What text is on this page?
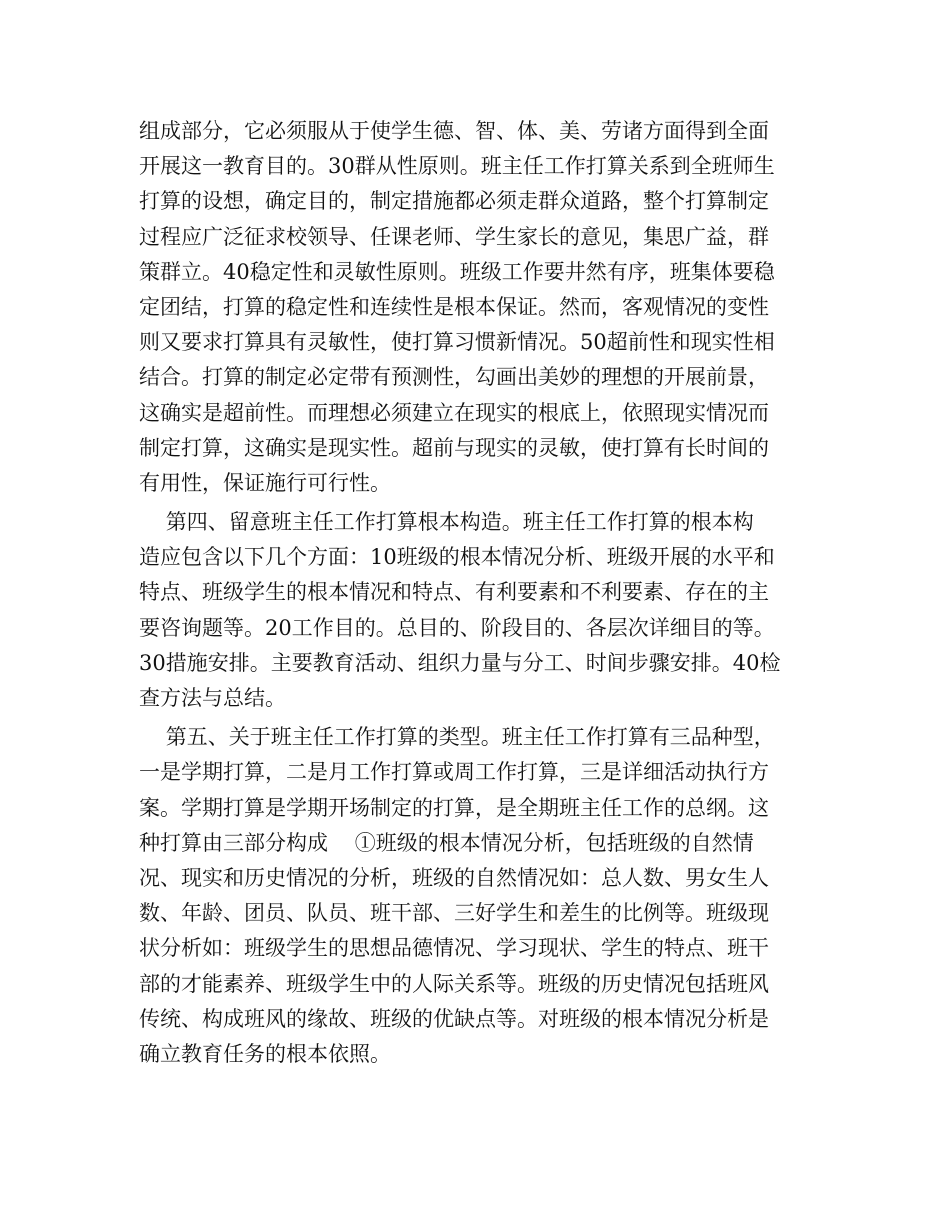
组成部分，它必须服从于使学生德、智、体、美、劳诸方面得到全面
开展这一教育目的。30群从性原则。班主任工作打算关系到全班师生
打算的设想，确定目的，制定措施都必须走群众道路，整个打算制定
过程应广泛征求校领导、任课老师、学生家长的意见，集思广益，群
策群立。40稳定性和灵敏性原则。班级工作要井然有序，班集体要稳
定团结，打算的稳定性和连续性是根本保证。然而，客观情况的变性
则又要求打算具有灵敏性，使打算习惯新情况。50超前性和现实性相
结合。打算的制定必定带有预测性，勾画出美妙的理想的开展前景，
这确实是超前性。而理想必须建立在现实的根底上，依照现实情况而
制定打算，这确实是现实性。超前与现实的灵敏，使打算有长时间的
有用性，保证施行可行性。
第四、留意班主任工作打算根本构造。班主任工作打算的根本构
造应包含以下几个方面：10班级的根本情况分析、班级开展的水平和
特点、班级学生的根本情况和特点、有利要素和不利要素、存在的主
要咨询题等。20工作目的。总目的、阶段目的、各层次详细目的等。
30措施安排。主要教育活动、组织力量与分工、时间步骤安排。40检
查方法与总结。
第五、关于班主任工作打算的类型。班主任工作打算有三品种型，
一是学期打算，二是月工作打算或周工作打算，三是详细活动执行方
案。学期打算是学期开场制定的打算，是全期班主任工作的总纲。这
种打算由三部分构成    ①班级的根本情况分析，包括班级的自然情
况、现实和历史情况的分析，班级的自然情况如：总人数、男女生人
数、年龄、团员、队员、班干部、三好学生和差生的比例等。班级现
状分析如：班级学生的思想品德情况、学习现状、学生的特点、班干
部的才能素养、班级学生中的人际关系等。班级的历史情况包括班风
传统、构成班风的缘故、班级的优缺点等。对班级的根本情况分析是
确立教育任务的根本依照。
